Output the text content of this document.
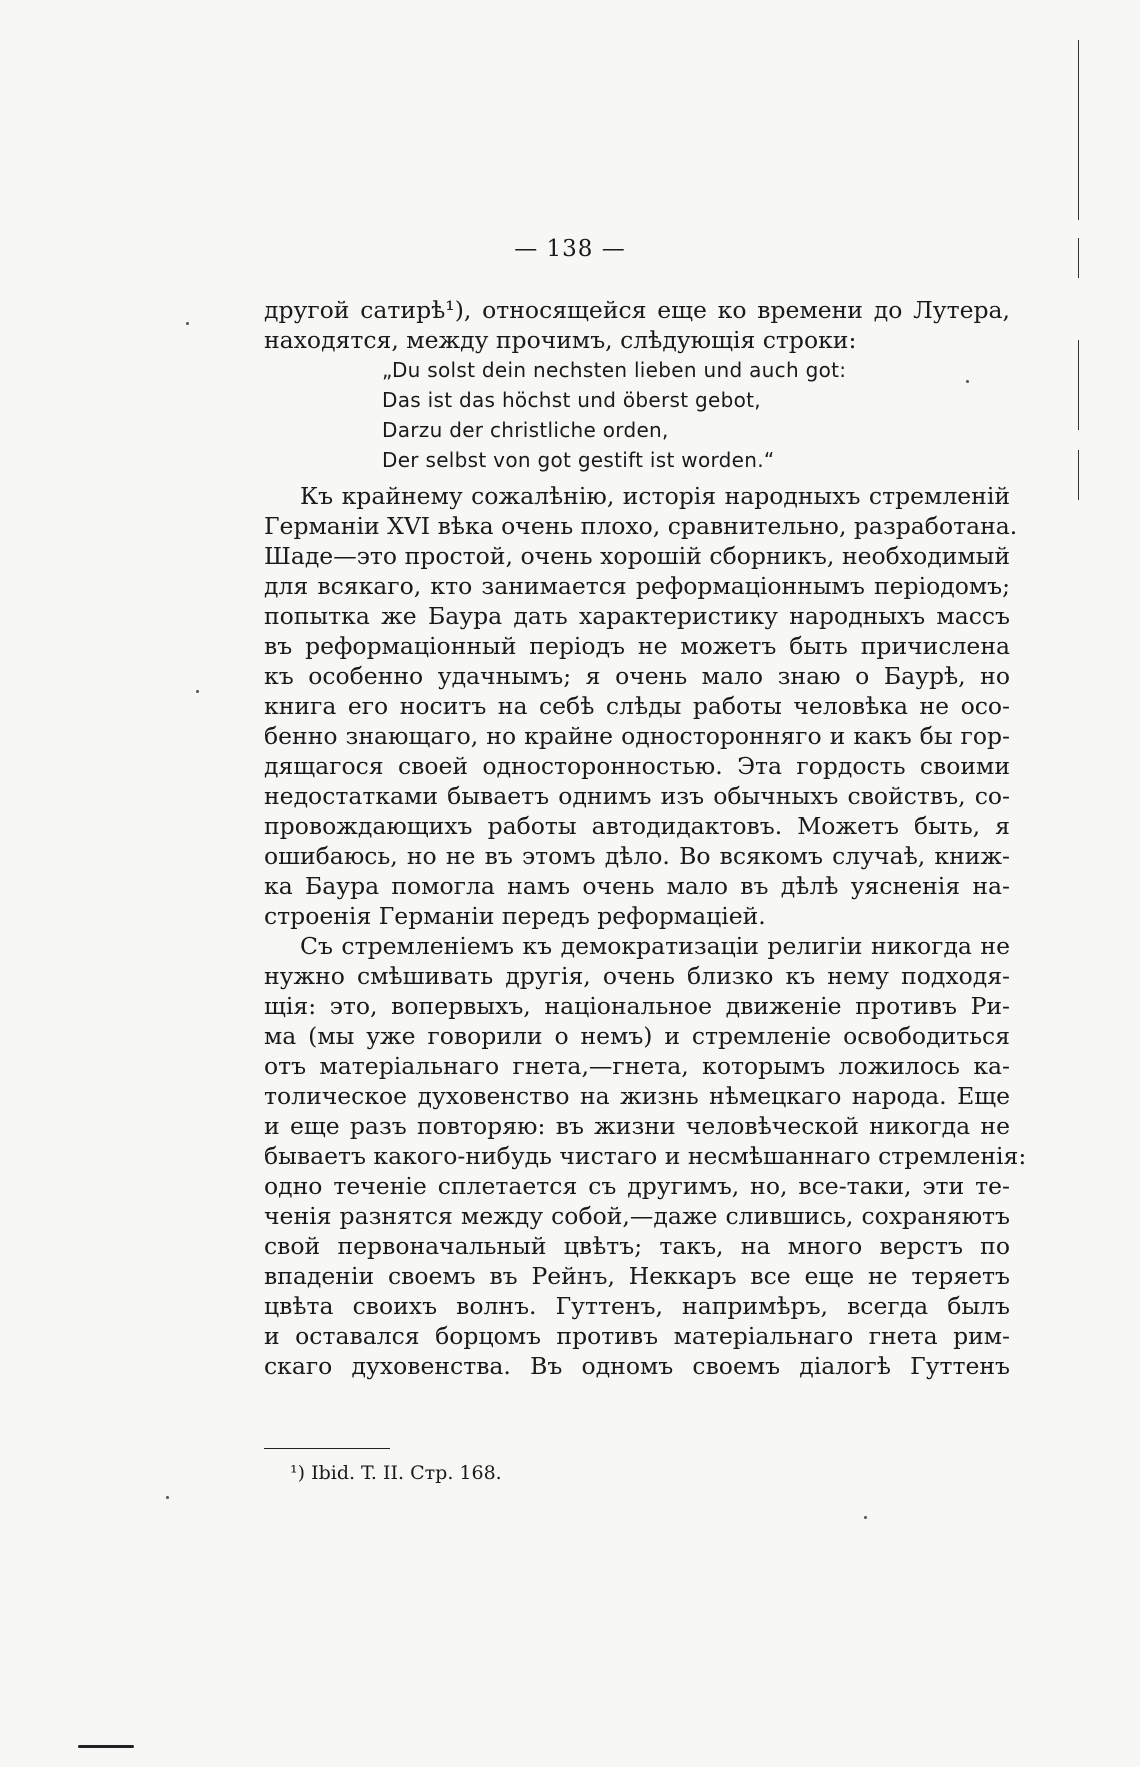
— 138 —
другой сатирѣ¹), относящейся еще ко времени до Лутера,
находятся, между прочимъ, слѣдующія строки:
„Du solst dein nechsten lieben und auch got:
Das ist das höchst und öberst gebot,
Darzu der christliche orden,
Der selbst von got gestift ist worden.“
Къ крайнему сожалѣнію, исторія народныхъ стремленій
Германіи XVI вѣка очень плохо, сравнительно, разработана.
Шаде—это простой, очень хорошій сборникъ, необходимый
для всякаго, кто занимается реформаціоннымъ періодомъ;
попытка же Баура дать характеристику народныхъ массъ
въ реформаціонный періодъ не можетъ быть причислена
къ особенно удачнымъ; я очень мало знаю о Баурѣ, но
книга его носитъ на себѣ слѣды работы человѣка не осо-
бенно знающаго, но крайне односторонняго и какъ бы гор-
дящагося своей односторонностью. Эта гордость своими
недостатками бываетъ однимъ изъ обычныхъ свойствъ, со-
провождающихъ работы автодидактовъ. Можетъ быть, я
ошибаюсь, но не въ этомъ дѣло. Во всякомъ случаѣ, книж-
ка Баура помогла намъ очень мало въ дѣлѣ уясненія на-
строенія Германіи передъ реформаціей.
Съ стремленіемъ къ демократизаціи религіи никогда не
нужно смѣшивать другія, очень близко къ нему подходя-
щія: это, вопервыхъ, національное движеніе противъ Ри-
ма (мы уже говорили о немъ) и стремленіе освободиться
отъ матеріальнаго гнета,—гнета, которымъ ложилось ка-
толическое духовенство на жизнь нѣмецкаго народа. Еще
и еще разъ повторяю: въ жизни человѣческой никогда не
бываетъ какого-нибудь чистаго и несмѣшаннаго стремленія:
одно теченіе сплетается съ другимъ, но, все-таки, эти те-
ченія разнятся между собой,—даже слившись, сохраняютъ
свой первоначальный цвѣтъ; такъ, на много верстъ по
впаденіи своемъ въ Рейнъ, Неккаръ все еще не теряетъ
цвѣта своихъ волнъ. Гуттенъ, напримѣръ, всегда былъ
и оставался борцомъ противъ матеріальнаго гнета рим-
скаго духовенства. Въ одномъ своемъ діалогѣ Гуттенъ
¹) Ibid. T. II. Стр. 168.
